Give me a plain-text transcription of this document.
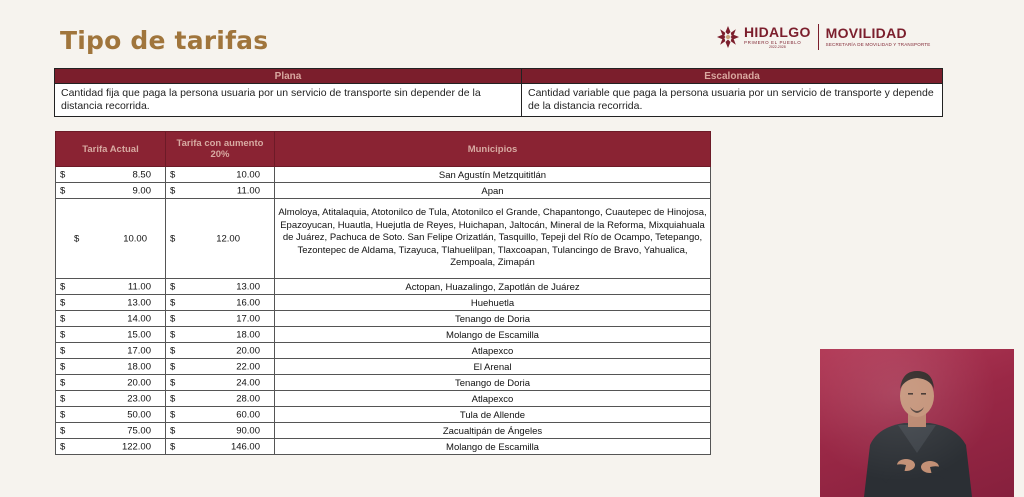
Tipo de tarifas	HIDALGO
PRIMERO EL PUEBLO
2022-2028
MOVILIDAD
SECRETARÍA DE MOVILIDAD Y TRANSPORTE
Plana	Escalonada
Cantidad fija que paga la persona usuaria por un servicio de transporte sin depender de la distancia recorrida.	Cantidad variable que paga la persona usuaria por un servicio de transporte y depende de la distancia recorrida.
Tarifa Actual	Tarifa con aumento 20%	Municipios

$ 8.50	$ 10.00	San Agustín Metzquititlán

$ 9.00	$ 11.00	Apan

$ 10.00	$ 12.00	Almoloya, Atitalaquia, Atotonilco de Tula, Atotonilco el Grande, Chapantongo, Cuautepec de Hinojosa, Epazoyucan, Huautla, Huejutla de Reyes, Huichapan, Jaltocán, Mineral de la Reforma, Mixquiahuala de Juárez, Pachuca de Soto. San Felipe Orizatlán, Tasquillo, Tepeji del Río de Ocampo, Tetepango, Tezontepec de Aldama, Tizayuca, Tlahuelilpan, Tlaxcoapan, Tulancingo de Bravo, Yahualica, Zempoala, Zimapán

$ 11.00	$ 13.00	Actopan, Huazalingo, Zapotlán de Juárez

$ 13.00	$ 16.00	Huehuetla

$ 14.00	$ 17.00	Tenango de Doria

$ 15.00	$ 18.00	Molango de Escamilla

$ 17.00	$ 20.00	Atlapexco

$ 18.00	$ 22.00	El Arenal

$ 20.00	$ 24.00	Tenango de Doria

$ 23.00	$ 28.00	Atlapexco

$ 50.00	$ 60.00	Tula de Allende

$ 75.00	$ 90.00	Zacualtipán de Ángeles

$ 122.00	$ 146.00	Molango de Escamilla
